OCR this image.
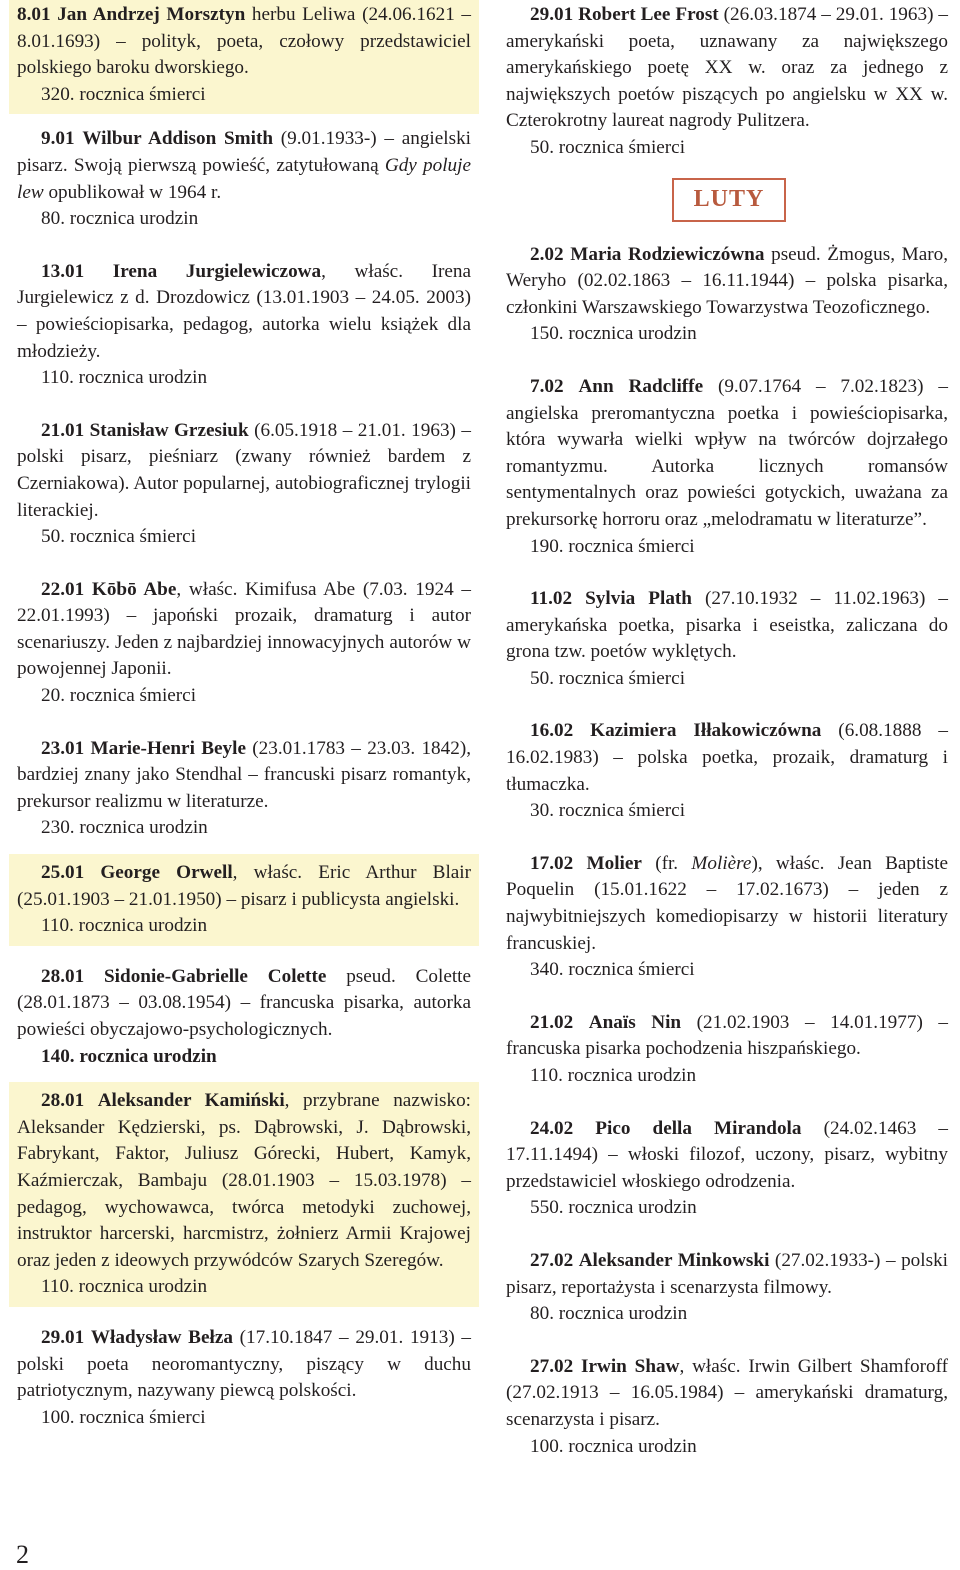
8.01 Jan Andrzej Morsztyn herbu Leliwa (24.06.1621 – 8.01.1693) – polityk, poeta, czołowy przedstawiciel polskiego baroku dworskiego.
320. rocznica śmierci
9.01 Wilbur Addison Smith (9.01.1933-) – angielski pisarz. Swoją pierwszą powieść, zatytułowaną Gdy poluje lew opublikował w 1964 r.
80. rocznica urodzin
13.01 Irena Jurgielewiczowa, właśc. Irena Jurgielewicz z d. Drozdowicz (13.01.1903 – 24.05. 2003) – powieściopisarka, pedagog, autorka wielu książek dla młodzieży.
110. rocznica urodzin
21.01 Stanisław Grzesiuk (6.05.1918 – 21.01. 1963) – polski pisarz, pieśniarz (zwany również bardem z Czerniakowa). Autor popularnej, autobiograficznej trylogii literackiej.
50. rocznica śmierci
22.01 Kōbō Abe, właśc. Kimifusa Abe (7.03. 1924 – 22.01.1993) – japoński prozaik, dramaturg i autor scenariuszy. Jeden z najbardziej innowacyjnych autorów w powojennej Japonii.
20. rocznica śmierci
23.01 Marie-Henri Beyle (23.01.1783 – 23.03. 1842), bardziej znany jako Stendhal – francuski pisarz romantyk, prekursor realizmu w literaturze.
230. rocznica urodzin
25.01 George Orwell, właśc. Eric Arthur Blair (25.01.1903 – 21.01.1950) – pisarz i publicysta angielski.
110. rocznica urodzin
28.01 Sidonie-Gabrielle Colette pseud. Colette (28.01.1873 – 03.08.1954) – francuska pisarka, autorka powieści obyczajowo-psychologicznych.
140. rocznica urodzin
28.01 Aleksander Kamiński, przybrane nazwisko: Aleksander Kędzierski, ps. Dąbrowski, J. Dąbrowski, Fabrykant, Faktor, Juliusz Górecki, Hubert, Kamyk, Kaźmierczak, Bambaju (28.01.1903 – 15.03.1978) – pedagog, wychowawca, twórca metodyki zuchowej, instruktor harcerski, harcmistrz, żołnierz Armii Krajowej oraz jeden z ideowych przywódców Szarych Szeregów.
110. rocznica urodzin
29.01 Władysław Bełza (17.10.1847 – 29.01. 1913) – polski poeta neoromantyczny, piszący w duchu patriotycznym, nazywany piewcą polskości.
100. rocznica śmierci
29.01 Robert Lee Frost (26.03.1874 – 29.01. 1963) – amerykański poeta, uznawany za największego amerykańskiego poetę XX w. oraz za jednego z największych poetów piszących po angielsku w XX w. Czterokrotny laureat nagrody Pulitzera.
50. rocznica śmierci
LUTY
2.02 Maria Rodziewiczówna pseud. Żmogus, Maro, Weryho (02.02.1863 – 16.11.1944) – polska pisarka, członkini Warszawskiego Towarzystwa Teozoficznego.
150. rocznica urodzin
7.02 Ann Radcliffe (9.07.1764 – 7.02.1823) – angielska preromantyczna poetka i powieściopisarka, która wywarła wielki wpływ na twórców dojrzałego romantyzmu. Autorka licznych romansów sentymentalnych oraz powieści gotyckich, uważana za prekursorkę horroru oraz „melodramatu w literaturze”.
190. rocznica śmierci
11.02 Sylvia Plath (27.10.1932 – 11.02.1963) – amerykańska poetka, pisarka i eseistka, zaliczana do grona tzw. poetów wyklętych.
50. rocznica śmierci
16.02 Kazimiera Iłłakowiczówna (6.08.1888 – 16.02.1983) – polska poetka, prozaik, dramaturg i tłumaczka.
30. rocznica śmierci
17.02 Molier (fr. Molière), właśc. Jean Baptiste Poquelin (15.01.1622 – 17.02.1673) – jeden z najwybitniejszych komediopisarzy w historii literatury francuskiej.
340. rocznica śmierci
21.02 Anaïs Nin (21.02.1903 – 14.01.1977) – francuska pisarka pochodzenia hiszpańskiego.
110. rocznica urodzin
24.02 Pico della Mirandola (24.02.1463 – 17.11.1494) – włoski filozof, uczony, pisarz, wybitny przedstawiciel włoskiego odrodzenia.
550. rocznica urodzin
27.02 Aleksander Minkowski (27.02.1933-) – polski pisarz, reportażysta i scenarzysta filmowy.
80. rocznica urodzin
27.02 Irwin Shaw, właśc. Irwin Gilbert Shamforoff (27.02.1913 – 16.05.1984) – amerykański dramaturg, scenarzysta i pisarz.
100. rocznica urodzin
2
